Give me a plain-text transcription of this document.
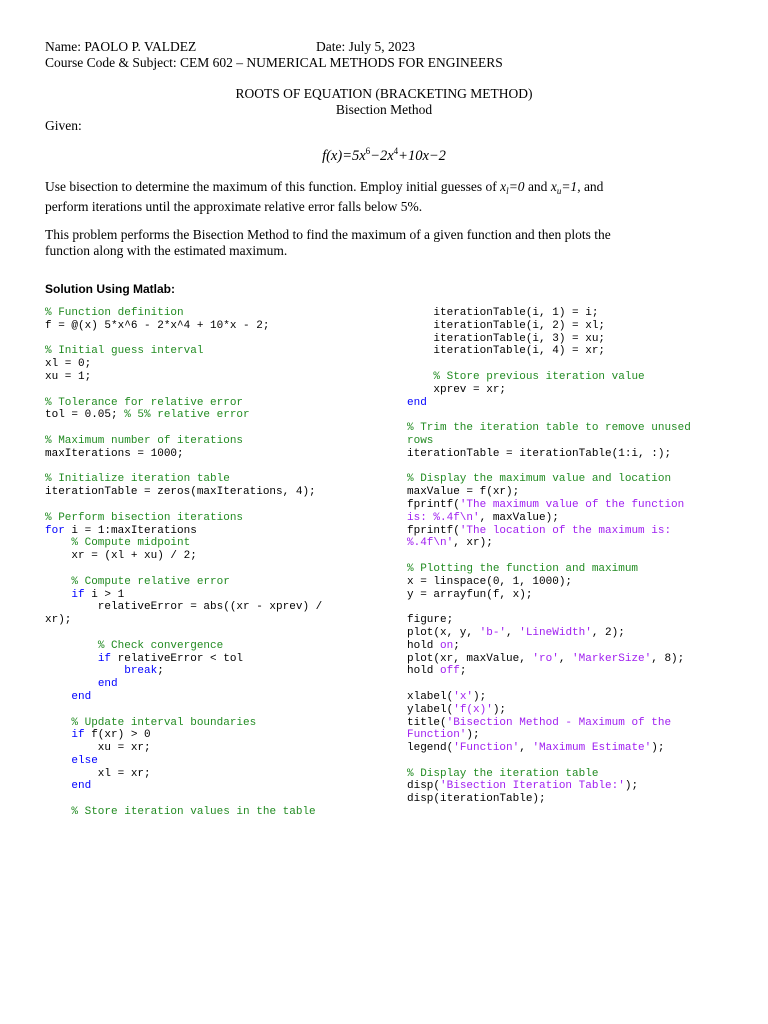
Name: PAOLO P. VALDEZ	Date: July 5, 2023
Course Code & Subject: CEM 602 – NUMERICAL METHODS FOR ENGINEERS
ROOTS OF EQUATION (BRACKETING METHOD)
Bisection Method
Given:
$f(x)=5x^6-2x^4+10x-2$
Use bisection to determine the maximum of this function. Employ initial guesses of $x_l=0$ and $x_u=1$, and
perform iterations until the approximate relative error falls below 5%.
This problem performs the Bisection Method to find the maximum of a given function and then plots the
function along with the estimated maximum.
Solution Using Matlab:
% Function definition
f = @(x) 5*x^6 - 2*x^4 + 10*x - 2;

% Initial guess interval
xl = 0;
xu = 1;

% Tolerance for relative error
tol = 0.05; % 5% relative error

% Maximum number of iterations
maxIterations = 1000;

% Initialize iteration table
iterationTable = zeros(maxIterations, 4);

% Perform bisection iterations
for i = 1:maxIterations
% Compute midpoint
xr = (xl + xu) / 2;

% Compute relative error
if i > 1
relativeError = abs((xr - xprev) /
xr);

% Check convergence
if relativeError < tol
break;
end
end

% Update interval boundaries
if f(xr) > 0
xu = xr;
else
xl = xr;
end

% Store iteration values in the table
iterationTable(i, 1) = i;
iterationTable(i, 2) = xl;
iterationTable(i, 3) = xu;
iterationTable(i, 4) = xr;

% Store previous iteration value
xprev = xr;
end

% Trim the iteration table to remove unused
rows
iterationTable = iterationTable(1:i, :);

% Display the maximum value and location
maxValue = f(xr);
fprintf('The maximum value of the function
is: %.4f\n', maxValue);
fprintf('The location of the maximum is:
%.4f\n', xr);

% Plotting the function and maximum
x = linspace(0, 1, 1000);
y = arrayfun(f, x);

figure;
plot(x, y, 'b-', 'LineWidth', 2);
hold on;
plot(xr, maxValue, 'ro', 'MarkerSize', 8);
hold off;

xlabel('x');
ylabel('f(x)');
title('Bisection Method - Maximum of the
Function');
legend('Function', 'Maximum Estimate');

% Display the iteration table
disp('Bisection Iteration Table:');
disp(iterationTable);
